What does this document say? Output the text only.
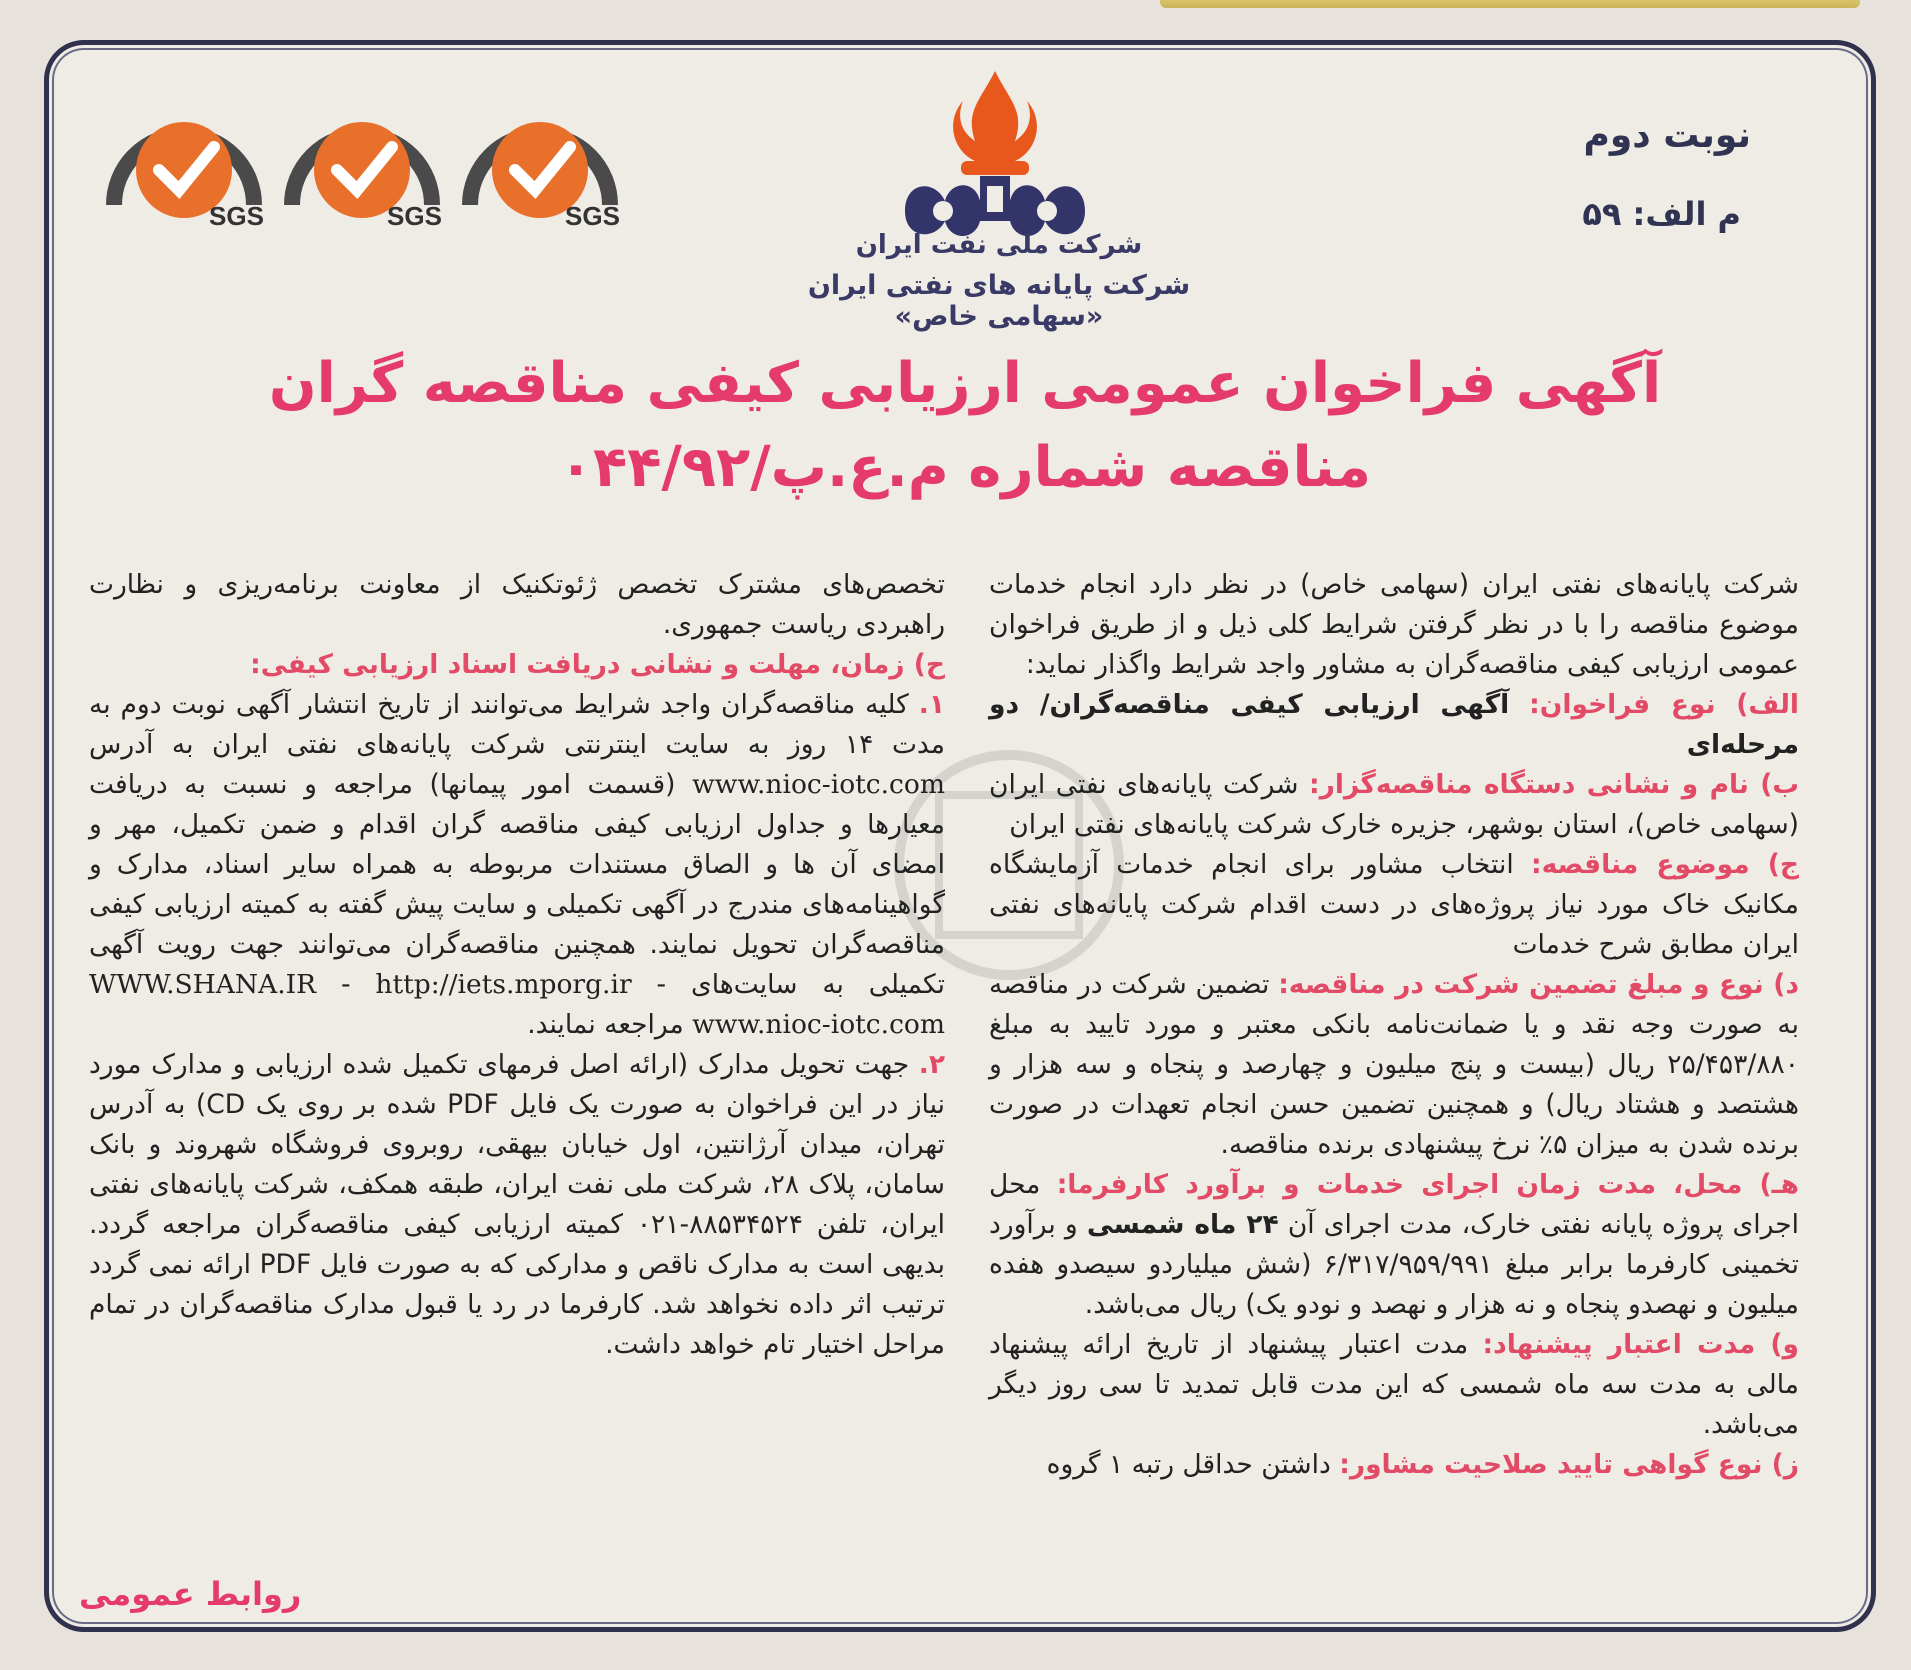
نوبت دوم
م الف: ۵۹
SGS	SGS	SGS
شرکت ملی نفت ایران
شرکت پایانه های نفتی ایران «سهامی خاص»
آگهی فراخوان عمومی ارزیابی کیفی مناقصه گران
مناقصه شماره م.ع.پ/۰۴۴/۹۲

شرکت پایانه‌های نفتی ایران (سهامی خاص) در نظر دارد انجام خدمات موضوع مناقصه را با در نظر گرفتن شرایط کلی ذیل و از طریق فراخوان عمومی ارزیابی کیفی مناقصه‌گران به مشاور واجد شرایط واگذار نماید:

الف) نوع فراخوان: آگهی ارزیابی کیفی مناقصه‌گران/ دو مرحله‌ای

ب) نام و نشانی دستگاه مناقصه‌گزار: شرکت پایانه‌های نفتی ایران (سهامی خاص)، استان بوشهر، جزیره خارک شرکت پایانه‌های نفتی ایران

ج) موضوع مناقصه: انتخاب مشاور برای انجام خدمات آزمایشگاه مکانیک خاک مورد نیاز پروژه‌های در دست اقدام شرکت پایانه‌های نفتی ایران مطابق شرح خدمات

د) نوع و مبلغ تضمین شرکت در مناقصه: تضمین شرکت در مناقصه به صورت وجه نقد و یا ضمانت‌نامه بانکی معتبر و مورد تایید به مبلغ ۲۵/۴۵۳/۸۸۰ ریال (بیست و پنج میلیون و چهارصد و پنجاه و سه هزار و هشتصد و هشتاد ریال) و همچنین تضمین حسن انجام تعهدات در صورت برنده شدن به میزان ۵٪ نرخ پیشنهادی برنده مناقصه.

هـ) محل، مدت زمان اجرای خدمات و برآورد کارفرما: محل اجرای پروژه پایانه نفتی خارک، مدت اجرای آن ۲۴ ماه شمسی و برآورد تخمینی کارفرما برابر مبلغ ۶/۳۱۷/۹۵۹/۹۹۱ (شش میلیاردو سیصدو هفده میلیون و نهصدو پنجاه و نه هزار و نهصد و نودو یک) ریال می‌باشد.

و) مدت اعتبار پیشنهاد: مدت اعتبار پیشنهاد از تاریخ ارائه پیشنهاد مالی به مدت سه ماه شمسی که این مدت قابل تمدید تا سی روز دیگر می‌باشد.

ز) نوع گواهی تایید صلاحیت مشاور: داشتن حداقل رتبه ۱ گروه

تخصص‌های مشترک تخصص ژئوتکنیک از معاونت برنامه‌ریزی و نظارت راهبردی ریاست جمهوری.

ح) زمان، مهلت و نشانی دریافت اسناد ارزیابی کیفی:

۱. کلیه مناقصه‌گران واجد شرایط می‌توانند از تاریخ انتشار آگهی نوبت دوم به مدت ۱۴ روز به سایت اینترنتی شرکت پایانه‌های نفتی ایران به آدرس www.nioc-iotc.com (قسمت امور پیمانها) مراجعه و نسبت به دریافت معیارها و جداول ارزیابی کیفی مناقصه گران اقدام و ضمن تکمیل، مهر و امضای آن ها و الصاق مستندات مربوطه به همراه سایر اسناد، مدارک و گواهینامه‌های مندرج در آگهی تکمیلی و سایت پیش گفته به کمیته ارزیابی کیفی مناقصه‌گران تحویل نمایند. همچنین مناقصه‌گران می‌توانند جهت رویت آگهی تکمیلی به سایت‌های WWW.SHANA.IR - http://iets.mporg.ir - www.nioc-iotc.com مراجعه نمایند.

۲. جهت تحویل مدارک (ارائه اصل فرمهای تکمیل شده ارزیابی و مدارک مورد نیاز در این فراخوان به صورت یک فایل PDF شده بر روی یک CD) به آدرس تهران، میدان آرژانتین، اول خیابان بیهقی، روبروی فروشگاه شهروند و بانک سامان، پلاک ۲۸، شرکت ملی نفت ایران، طبقه همکف، شرکت پایانه‌های نفتی ایران، تلفن ۸۸۵۳۴۵۲۴-۰۲۱ کمیته ارزیابی کیفی مناقصه‌گران مراجعه گردد. بدیهی است به مدارک ناقص و مدارکی که به صورت فایل PDF ارائه نمی گردد ترتیب اثر داده نخواهد شد. کارفرما در رد یا قبول مدارک مناقصه‌گران در تمام مراحل اختیار تام خواهد داشت.

روابط عمومی
